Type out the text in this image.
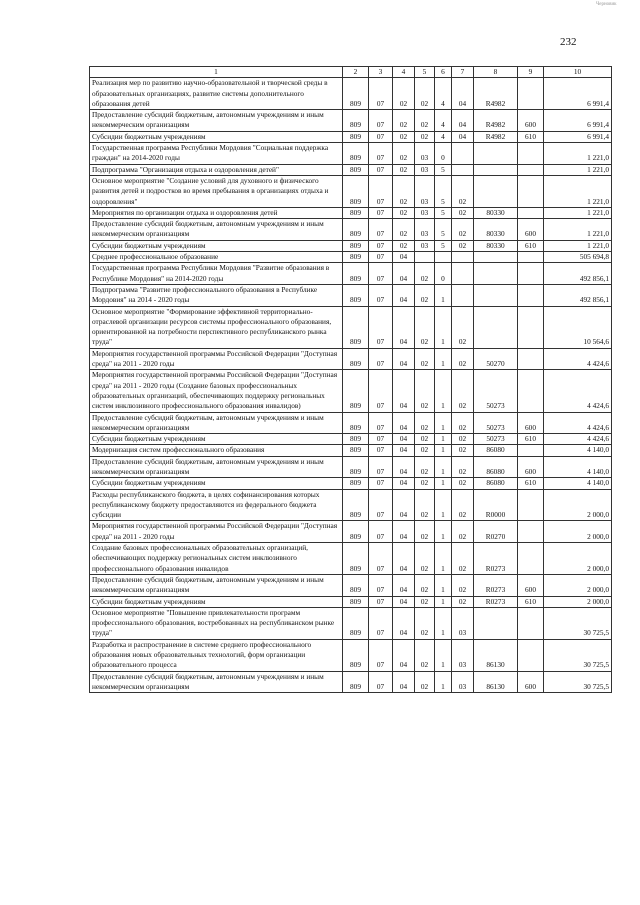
232
Черновик
1	2	3	4	5	6	7	8	9	10
Реализация мер по развитию научно-образовательной и творческой среды в образовательных организациях, развитие системы дополнительного образования детей	809	07	02	02	4	04	R4982		6 991,4
Предоставление субсидий бюджетным, автономным учреждениям и иным некоммерческим организациям	809	07	02	02	4	04	R4982	600	6 991,4
Субсидии бюджетным учреждениям	809	07	02	02	4	04	R4982	610	6 991,4
Государственная программа Республики Мордовия "Социальная поддержка граждан" на 2014-2020 годы	809	07	02	03	0				1 221,0
Подпрограмма "Организация отдыха и оздоровления детей"	809	07	02	03	5				1 221,0
Основное мероприятие "Создание условий для духовного и физического развития детей и подростков во время пребывания в организациях отдыха и оздоровления"	809	07	02	03	5	02			1 221,0
Мероприятия по организации отдыха и оздоровления детей	809	07	02	03	5	02	80330		1 221,0
Предоставление субсидий бюджетным, автономным учреждениям и иным некоммерческим организациям	809	07	02	03	5	02	80330	600	1 221,0
Субсидии бюджетным учреждениям	809	07	02	03	5	02	80330	610	1 221,0
Среднее профессиональное образование	809	07	04						505 694,8
Государственная программа Республики Мордовия "Развитие образования в Республике Мордовия" на 2014-2020 годы	809	07	04	02	0				492 856,1
Подпрограмма "Развитие профессионального образования в Республике Мордовия" на 2014 - 2020 годы	809	07	04	02	1				492 856,1
Основное мероприятие "Формирование эффективной территориально-отраслевой организации ресурсов системы профессионального образования, ориентированной на потребности перспективного республиканского рынка труда"	809	07	04	02	1	02			10 564,6
Мероприятия государственной программы Российской Федерации "Доступная среда" на 2011 - 2020 годы	809	07	04	02	1	02	50270		4 424,6
Мероприятия государственной программы Российской Федерации "Доступная среда" на 2011 - 2020 годы (Создание базовых профессиональных образовательных организаций, обеспечивающих поддержку региональных систем инклюзивного профессионального образования инвалидов)	809	07	04	02	1	02	50273		4 424,6
Предоставление субсидий бюджетным, автономным учреждениям и иным некоммерческим организациям	809	07	04	02	1	02	50273	600	4 424,6
Субсидии бюджетным учреждениям	809	07	04	02	1	02	50273	610	4 424,6
Модернизация систем профессионального образования	809	07	04	02	1	02	86080		4 140,0
Предоставление субсидий бюджетным, автономным учреждениям и иным некоммерческим организациям	809	07	04	02	1	02	86080	600	4 140,0
Субсидии бюджетным учреждениям	809	07	04	02	1	02	86080	610	4 140,0
Расходы республиканского бюджета, в целях софинансирования которых республиканскому бюджету предоставляются из федерального бюджета субсидии	809	07	04	02	1	02	R0000		2 000,0
Мероприятия государственной программы Российской Федерации "Доступная среда" на 2011 - 2020 годы	809	07	04	02	1	02	R0270		2 000,0
Создание базовых профессиональных образовательных организаций, обеспечивающих поддержку региональных систем инклюзивного профессионального образования инвалидов	809	07	04	02	1	02	R0273		2 000,0
Предоставление субсидий бюджетным, автономным учреждениям и иным некоммерческим организациям	809	07	04	02	1	02	R0273	600	2 000,0
Субсидии бюджетным учреждениям	809	07	04	02	1	02	R0273	610	2 000,0
Основное мероприятие "Повышение привлекательности программ профессионального образования, востребованных на республиканском рынке труда"	809	07	04	02	1	03			30 725,5
Разработка и распространение в системе среднего профессионального образования новых образовательных технологий, форм организации образовательного процесса	809	07	04	02	1	03	86130		30 725,5
Предоставление субсидий бюджетным, автономным учреждениям и иным некоммерческим организациям	809	07	04	02	1	03	86130	600	30 725,5
